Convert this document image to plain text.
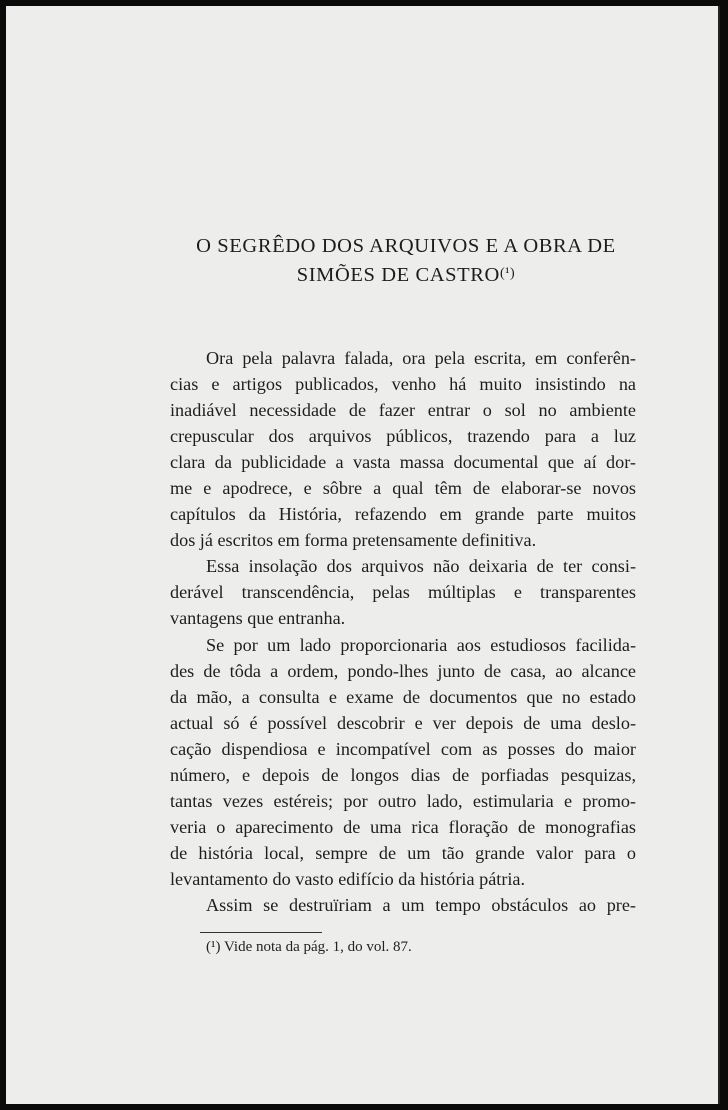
O SEGRÊDO DOS ARQUIVOS E A OBRA DE
SIMÕES DE CASTRO(¹)
Ora pela palavra falada, ora pela escrita, em conferên-
cias e artigos publicados, venho há muito insistindo na
inadiável necessidade de fazer entrar o sol no ambiente
crepuscular dos arquivos públicos, trazendo para a luz
clara da publicidade a vasta massa documental que aí dor-
me e apodrece, e sôbre a qual têm de elaborar-se novos
capítulos da História, refazendo em grande parte muitos
dos já escritos em forma pretensamente definitiva.
Essa insolação dos arquivos não deixaria de ter consi-
derável transcendência, pelas múltiplas e transparentes
vantagens que entranha.
Se por um lado proporcionaria aos estudiosos facilida-
des de tôda a ordem, pondo-lhes junto de casa, ao alcance
da mão, a consulta e exame de documentos que no estado
actual só é possível descobrir e ver depois de uma deslo-
cação dispendiosa e incompatível com as posses do maior
número, e depois de longos dias de porfiadas pesquizas,
tantas vezes estéreis; por outro lado, estimularia e promo-
veria o aparecimento de uma rica floração de monografias
de história local, sempre de um tão grande valor para o
levantamento do vasto edifício da história pátria.
Assim se destruïriam a um tempo obstáculos ao pre-
(¹) Vide nota da pág. 1, do vol. 87.
